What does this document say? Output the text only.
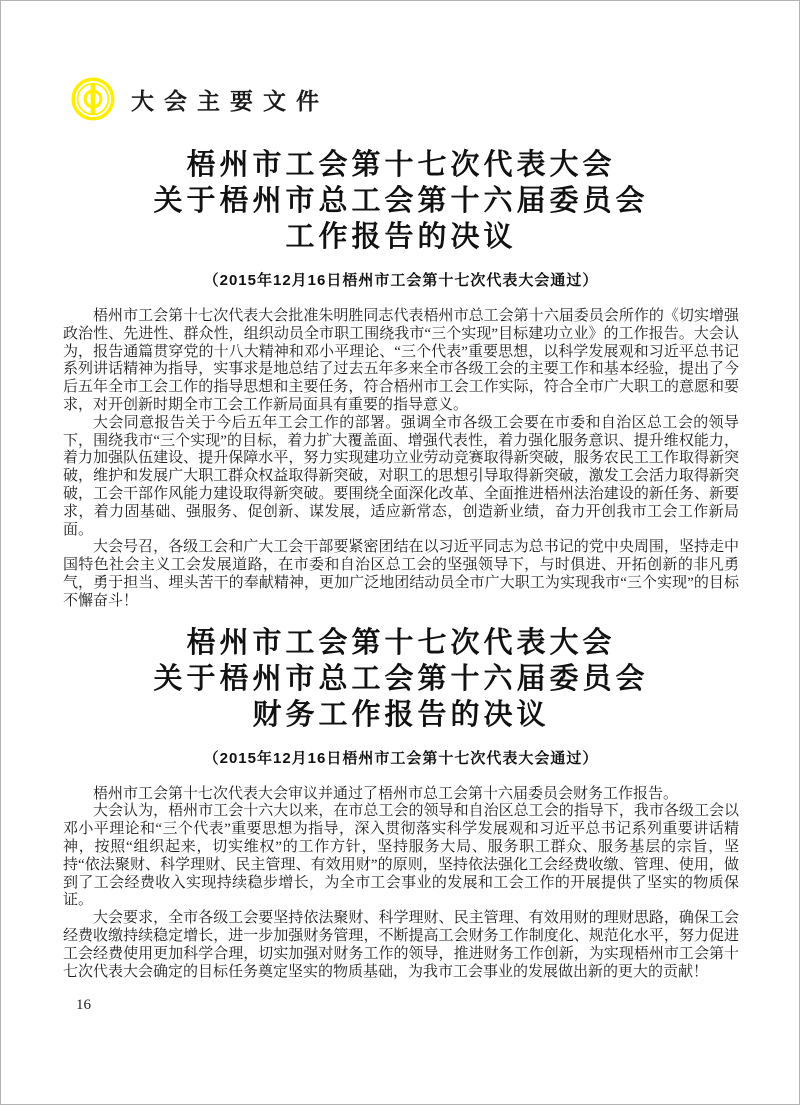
大会主要文件
梧州市工会第十七次代表大会
关于梧州市总工会第十六届委员会
工作报告的决议
（2015年12月16日梧州市工会第十七次代表大会通过）

梧州市工会第十七次代表大会批准朱明胜同志代表梧州市总工会第十六届委员会所作的《切实增强政治性、先进性、群众性，组织动员全市职工围绕我市“三个实现”目标建功立业》的工作报告。大会认为，报告通篇贯穿党的十八大精神和邓小平理论、“三个代表”重要思想，以科学发展观和习近平总书记系列讲话精神为指导，实事求是地总结了过去五年多来全市各级工会的主要工作和基本经验，提出了今后五年全市工会工作的指导思想和主要任务，符合梧州市工会工作实际，符合全市广大职工的意愿和要求，对开创新时期全市工会工作新局面具有重要的指导意义。

大会同意报告关于今后五年工会工作的部署。强调全市各级工会要在市委和自治区总工会的领导下，围绕我市“三个实现”的目标，着力扩大覆盖面、增强代表性，着力强化服务意识、提升维权能力，着力加强队伍建设、提升保障水平，努力实现建功立业劳动竞赛取得新突破，服务农民工工作取得新突破，维护和发展广大职工群众权益取得新突破，对职工的思想引导取得新突破，激发工会活力取得新突破，工会干部作风能力建设取得新突破。要围绕全面深化改革、全面推进梧州法治建设的新任务、新要求，着力固基础、强服务、促创新、谋发展，适应新常态，创造新业绩，奋力开创我市工会工作新局面。

大会号召，各级工会和广大工会干部要紧密团结在以习近平同志为总书记的党中央周围，坚持走中国特色社会主义工会发展道路，在市委和自治区总工会的坚强领导下，与时俱进、开拓创新的非凡勇气，勇于担当、埋头苦干的奉献精神，更加广泛地团结动员全市广大职工为实现我市“三个实现”的目标不懈奋斗！

梧州市工会第十七次代表大会
关于梧州市总工会第十六届委员会
财务工作报告的决议
（2015年12月16日梧州市工会第十七次代表大会通过）

梧州市工会第十七次代表大会审议并通过了梧州市总工会第十六届委员会财务工作报告。

大会认为，梧州市工会十六大以来，在市总工会的领导和自治区总工会的指导下，我市各级工会以邓小平理论和“三个代表”重要思想为指导，深入贯彻落实科学发展观和习近平总书记系列重要讲话精神，按照“组织起来，切实维权”的工作方针，坚持服务大局、服务职工群众、服务基层的宗旨，坚持“依法聚财、科学理财、民主管理、有效用财”的原则，坚持依法强化工会经费收缴、管理、使用，做到了工会经费收入实现持续稳步增长，为全市工会事业的发展和工会工作的开展提供了坚实的物质保证。

大会要求，全市各级工会要坚持依法聚财、科学理财、民主管理、有效用财的理财思路，确保工会经费收缴持续稳定增长，进一步加强财务管理，不断提高工会财务工作制度化、规范化水平，努力促进工会经费使用更加科学合理，切实加强对财务工作的领导，推进财务工作创新，为实现梧州市工会第十七次代表大会确定的目标任务奠定坚实的物质基础，为我市工会事业的发展做出新的更大的贡献！

16
